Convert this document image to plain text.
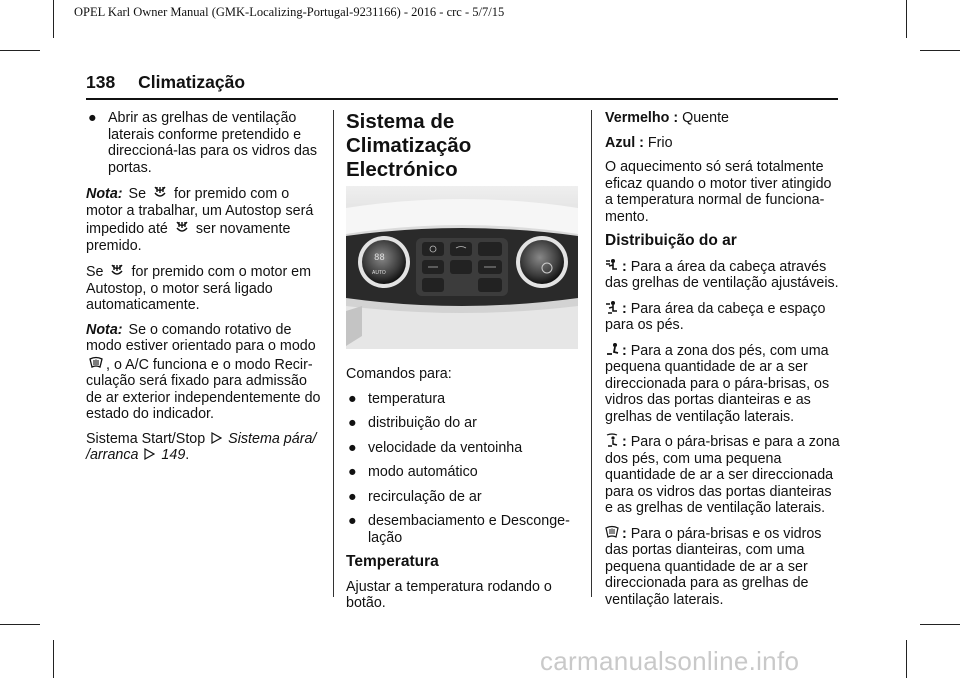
OPEL Karl Owner Manual (GMK-Localizing-Portugal-9231166) - 2016 - crc - 5/7/15
138 Climatização
● Abrir as grelhas de ventilação laterais conforme pretendido e direccioná-las para os vidros das portas.

Nota: Se for premido com o motor a trabalhar, um Autostop será impedido até ser novamente premido.

Se for premido com o motor em Autostop, o motor será ligado automaticamente.

Nota: Se o comando rotativo de modo estiver orientado para o modo
, o A/C funciona e o modo Recirculação será fixado para admissão de ar exterior independentemente do estado do indicador.

Sistema Start/Stop Sistema pára/ /arranca 149.

Sistema de Climatização Electrónico
88
AUTO

Comandos para:

● temperatura
● distribuição do ar
● velocidade da ventoinha
● modo automático
● recirculação de ar
● desembaciamento e Descongelação
Temperatura

Ajustar a temperatura rodando o botão.

Vermelho : Quente

Azul : Frio

O aquecimento só será totalmente eficaz quando o motor tiver atingido a temperatura normal de funcionamento.

Distribuição do ar
: Para a área da cabeça através das grelhas de ventilação ajustáveis.
: Para área da cabeça e espaço para os pés.
: Para a zona dos pés, com uma pequena quantidade de ar a ser direccionada para o pára-brisas, os vidros das portas dianteiras e as grelhas de ventilação laterais.
: Para o pára-brisas e para a zona dos pés, com uma pequena quantidade de ar a ser direccionada para os vidros das portas dianteiras e as grelhas de ventilação laterais.
: Para o pára-brisas e os vidros das portas dianteiras, com uma pequena quantidade de ar a ser direccionada para as grelhas de ventilação laterais.
carmanualsonline.info
